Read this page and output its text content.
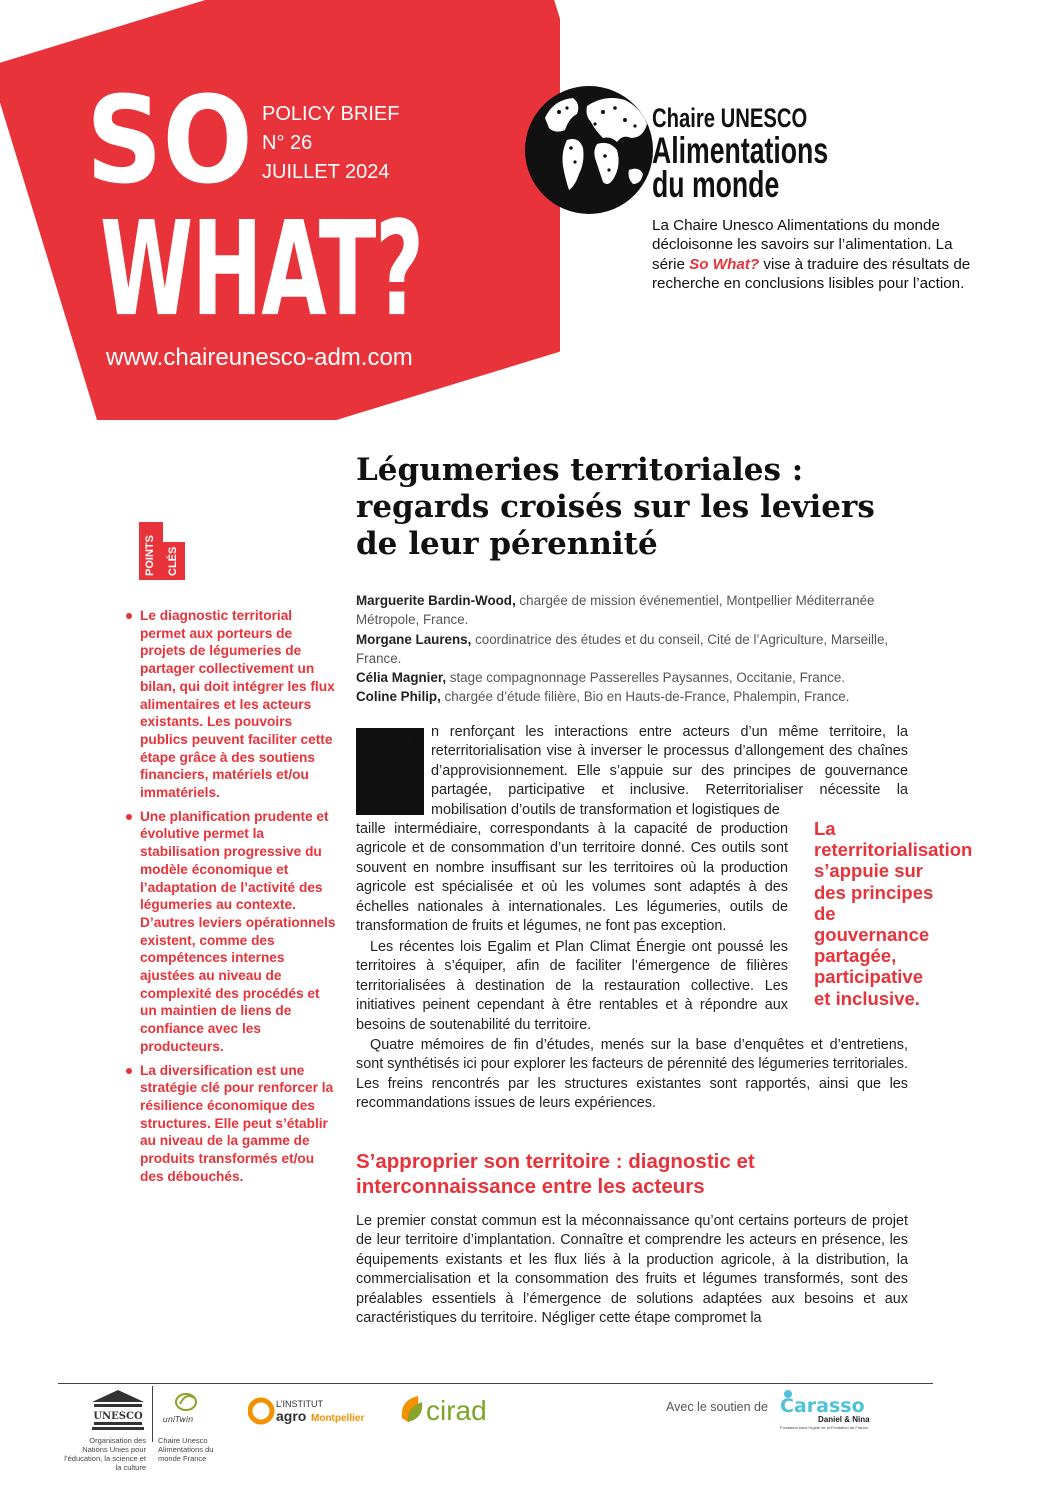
SO
WHAT?
POLICY BRIEF
N° 26
JUILLET 2024
www.chaireunesco-adm.com
Chaire UNESCO
Alimentations
du monde
La Chaire Unesco Alimentations du monde décloisonne les savoirs sur l’alimentation. La série So What? vise à traduire des résultats de recherche en conclusions lisibles pour l’action.
Légumeries territoriales : regards croisés sur les leviers de leur pérennité
POINTS CLÉS
Le diagnostic territorial permet aux porteurs de projets de légumeries de partager collectivement un bilan, qui doit intégrer les flux alimentaires et les acteurs existants. Les pouvoirs publics peuvent faciliter cette étape grâce à des soutiens financiers, matériels et/ou immatériels.
Une planification prudente et évolutive permet la stabilisation progressive du modèle économique et l’adaptation de l’activité des légumeries au contexte. D’autres leviers opérationnels existent, comme des compétences internes ajustées au niveau de complexité des procédés et un maintien de liens de confiance avec les producteurs.
La diversification est une stratégie clé pour renforcer la résilience économique des structures. Elle peut s’établir au niveau de la gamme de produits transformés et/ou des débouchés.

Marguerite Bardin-Wood, chargée de mission événementiel, Montpellier Méditerranée Métropole, France.

Morgane Laurens, coordinatrice des études et du conseil, Cité de l’Agriculture, Marseille, France.

Célia Magnier, stage compagnonnage Passerelles Paysannes, Occitanie, France.

Coline Philip, chargée d’étude filière, Bio en Hauts-de-France, Phalempin, France.

E n renforçant les interactions entre acteurs d’un même territoire, la reterritorialisation vise à inverser le processus d’allongement des chaînes d’approvisionnement. Elle s’appuie sur des principes de gouvernance partagée, participative et inclusive. Reterritorialiser nécessite la mobilisation d’outils de transformation et logistiques de
taille intermédiaire, correspondants à la capacité de production agricole et de consommation d’un territoire donné. Ces outils sont souvent en nombre insuffisant sur les territoires où la production agricole est spécialisée et où les volumes sont adaptés à des échelles nationales à internationales. Les légumeries, outils de transformation de fruits et légumes, ne font pas exception.
Les récentes lois Egalim et Plan Climat Énergie ont poussé les territoires à s’équiper, afin de faciliter l’émergence de filières territorialisées à destination de la restauration collective. Les initiatives peinent cependant à être rentables et à répondre aux besoins de soutenabilité du territoire.
Quatre mémoires de fin d’études, menés sur la base d’enquêtes et d’entretiens, sont synthétisés ici pour explorer les facteurs de pérennité des légumeries territoriales. Les freins rencontrés par les structures existantes sont rapportés, ainsi que les recommandations issues de leurs expériences.
La reterritorialisation s’appuie sur des principes de gouvernance partagée, participative et inclusive.
S’approprier son territoire : diagnostic et interconnaissance entre les acteurs
Le premier constat commun est la méconnaissance qu’ont certains porteurs de projet de leur territoire d’implantation. Connaître et comprendre les acteurs en présence, les équipements existants et les flux liés à la production agricole, à la distribution, la commercialisation et la consommation des fruits et légumes transformés, sont des préalables essentiels à l’émergence de solutions adaptées aux besoins et aux caractéristiques du territoire. Négliger cette étape compromet la
UNESCO
Organisation des Nations Unies pour l’éducation, la science et la culture
uniTwin
Chaire Unesco Alimentations du monde France
L’INSTITUT
agro Montpellier cirad	Avec le soutien de Carasso
Daniel & Nina
Fondation sous l’égide de la Fondation de France
